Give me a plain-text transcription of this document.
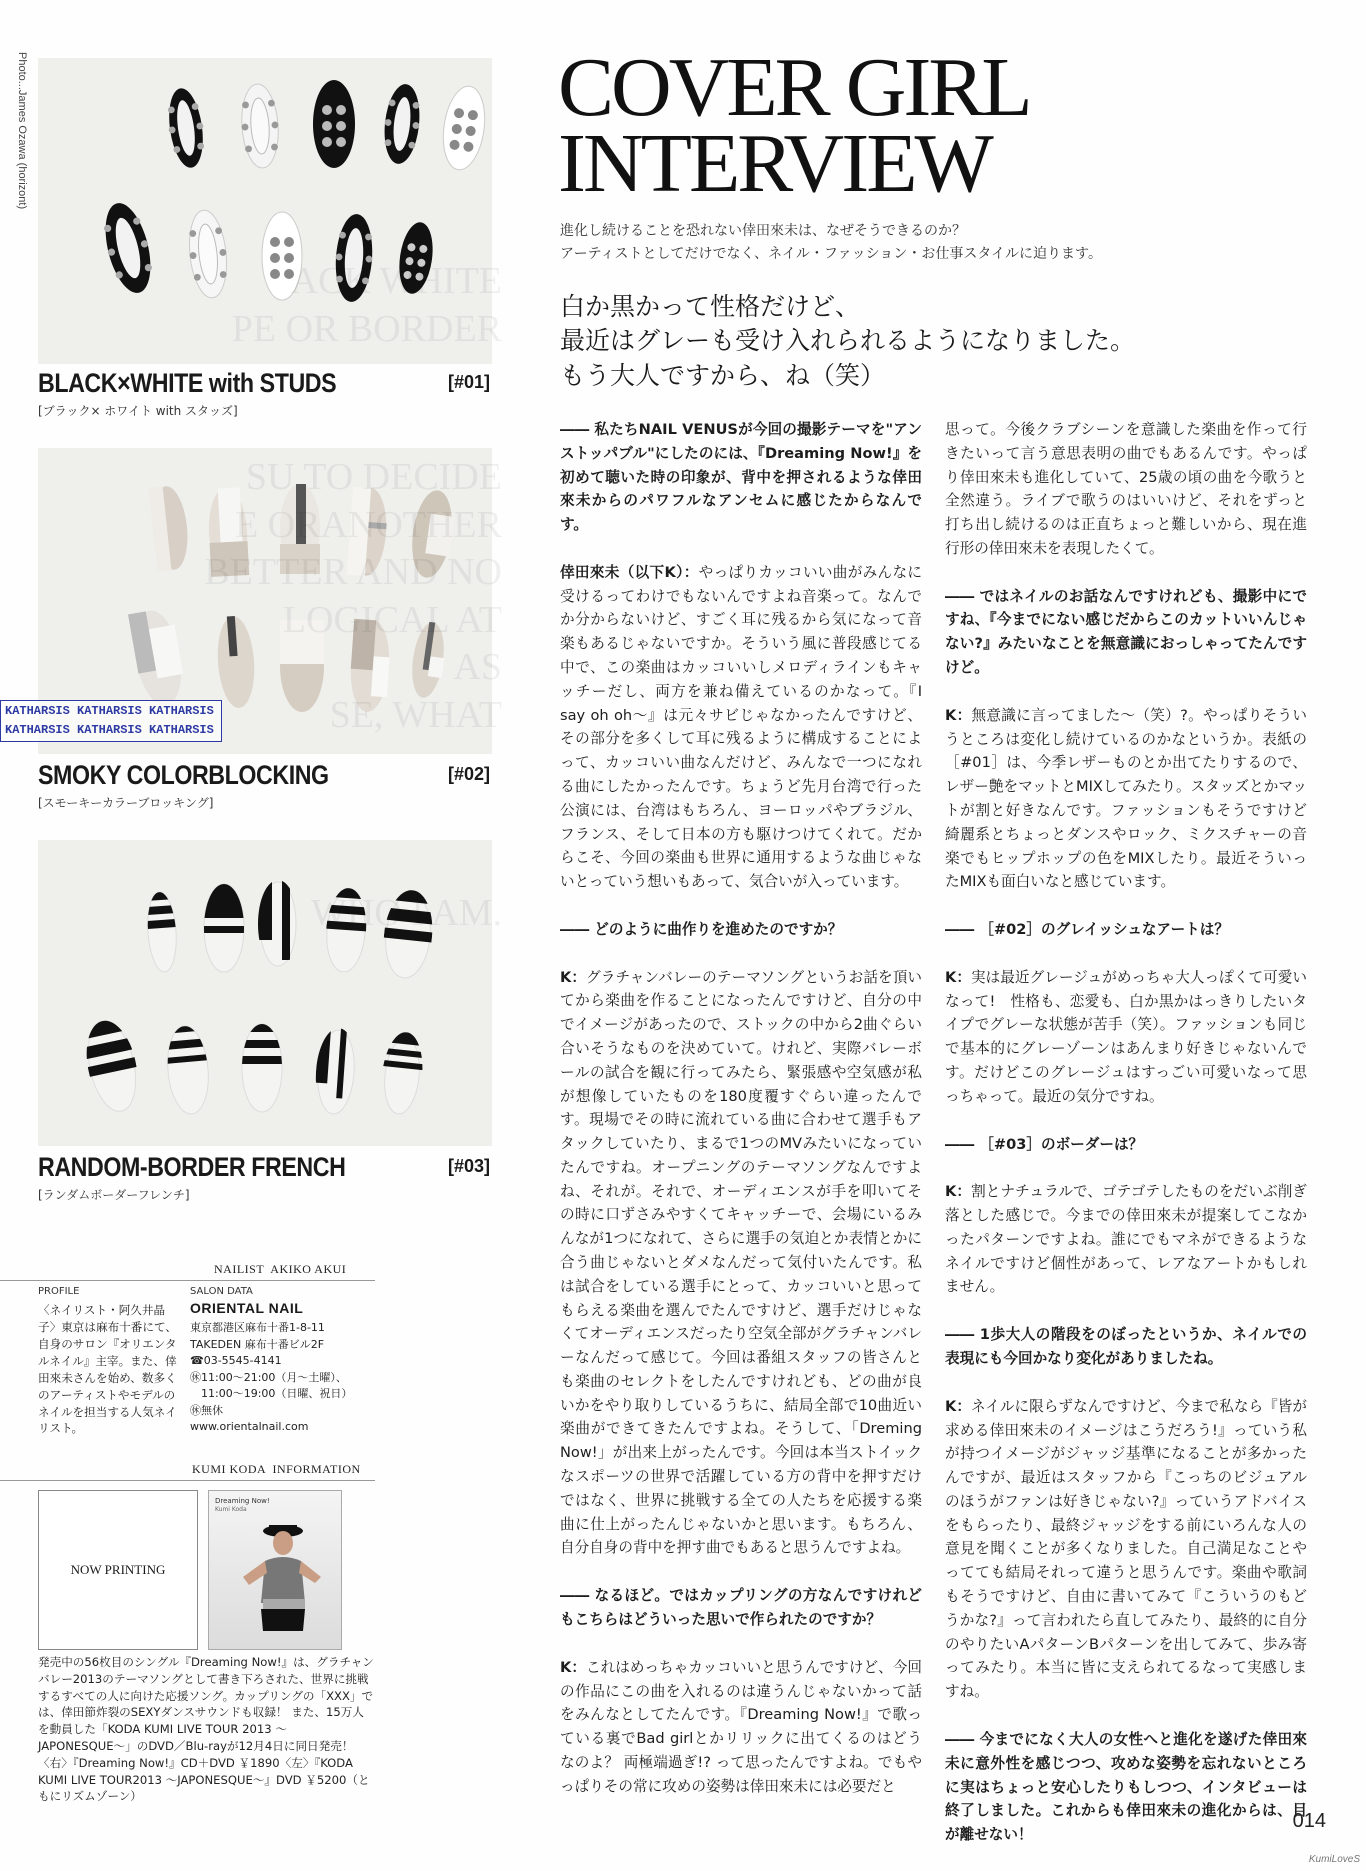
Photo...James Ozawa (horizont)
ACK WHITE
PE OR BORDER
BLACK×WHITE with STUDS	[#01]
[ブラック× ホワイト with スタッズ]
SU TO DECIDE
E ORANOTHER
BETTER AND NO
LOGICAL AT
AS
SE, WHAT
KATHARSIS KATHARSIS KATHARSIS
KATHARSIS KATHARSIS KATHARSIS
SMOKY COLORBLOCKING	[#02]
[スモーキーカラーブロッキング]
WHO I AM.
RANDOM-BORDER FRENCH	[#03]
[ランダムボーダーフレンチ]
NAILIST  AKIKO AKUI
PROFILE
〈ネイリスト・阿久井晶子〉東京は麻布十番にて、自身のサロン『オリエンタルネイル』主宰。また、倖田來未さんを始め、数多くのアーティストやモデルのネイルを担当する人気ネイリスト。
SALON DATA
ORIENTAL NAIL
東京都港区麻布十番1-8-11
TAKEDEN 麻布十番ビル2F
☎03-5545-4141
㊡11:00～21:00（月～土曜）、
　11:00～19:00（日曜、祝日）
㊡無休
www.orientalnail.com
KUMI KODA  INFORMATION
NOW PRINTING
Dreaming Now!
Kumi Koda
発売中の56枚目のシングル『Dreaming Now!』は、グラチャンバレー2013のテーマソングとして書き下ろされた、世界に挑戦するすべての人に向けた応援ソング。カップリングの「XXX」では、倖田節炸裂のSEXYダンスサウンドも収録！ また、15万人を動員した「KODA KUMI LIVE TOUR 2013 〜JAPONESQUE〜」のDVD／Blu-rayが12月4日に同日発売！ 〈右〉『Dreaming Now!』CD＋DVD ￥1890〈左〉『KODA KUMI LIVE TOUR2013 〜JAPONESQUE〜』DVD ￥5200（ともにリズムゾーン）
COVER GIRL
INTERVIEW
進化し続けることを恐れない倖田來未は、なぜそうできるのか？
アーティストとしてだけでなく、ネイル・ファッション・お仕事スタイルに迫ります。
白か黒かって性格だけど、
最近はグレーも受け入れられるようになりました。
もう大人ですから、ね（笑）

―― 私たちNAIL VENUSが今回の撮影テーマを"アンストッパブル"にしたのには、『Dreaming Now!』を初めて聴いた時の印象が、背中を押されるような倖田來未からのパワフルなアンセムに感じたからなんです。

倖田來未（以下K）：やっぱりカッコいい曲がみんなに受けるってわけでもないんですよね音楽って。なんでか分からないけど、すごく耳に残るから気になって音楽もあるじゃないですか。そういう風に普段感じてる中で、この楽曲はカッコいいしメロディラインもキャッチーだし、両方を兼ね備えているのかなって。『I say oh oh〜』は元々サビじゃなかったんですけど、その部分を多くして耳に残るように構成することによって、カッコいい曲なんだけど、みんなで一つになれる曲にしたかったんです。ちょうど先月台湾で行った公演には、台湾はもちろん、ヨーロッパやブラジル、フランス、そして日本の方も駆けつけてくれて。だからこそ、今回の楽曲も世界に通用するような曲じゃないとっていう想いもあって、気合いが入っています。

―― どのように曲作りを進めたのですか？

K：グラチャンバレーのテーマソングというお話を頂いてから楽曲を作ることになったんですけど、自分の中でイメージがあったので、ストックの中から2曲ぐらい合いそうなものを決めていて。けれど、実際バレーボールの試合を観に行ってみたら、緊張感や空気感が私が想像していたものを180度覆すぐらい違ったんです。現場でその時に流れている曲に合わせて選手もアタックしていたり、まるで1つのMVみたいになっていたんですね。オープニングのテーマソングなんですよね、それが。それで、オーディエンスが手を叩いてその時に口ずさみやすくてキャッチーで、会場にいるみんなが1つになれて、さらに選手の気迫とか表情とかに合う曲じゃないとダメなんだって気付いたんです。私は試合をしている選手にとって、カッコいいと思ってもらえる楽曲を選んでたんですけど、選手だけじゃなくてオーディエンスだったり空気全部がグラチャンバレーなんだって感じて。今回は番組スタッフの皆さんとも楽曲のセレクトをしたんですけれども、どの曲が良いかをやり取りしているうちに、結局全部で10曲近い楽曲ができてきたんですよね。そうして、「Dreming Now!」が出来上がったんです。今回は本当ストイックなスポーツの世界で活躍している方の背中を押すだけではなく、世界に挑戦する全ての人たちを応援する楽曲に仕上がったんじゃないかと思います。もちろん、自分自身の背中を押す曲でもあると思うんですよね。

―― なるほど。ではカップリングの方なんですけれどもこちらはどういった思いで作られたのですか？

K：これはめっちゃカッコいいと思うんですけど、今回の作品にこの曲を入れるのは違うんじゃないかって話をみんなとしてたんです。『Dreaming Now!』で歌っている裏でBad girlとかリリックに出てくるのはどうなのよ？ 両極端過ぎ!? って思ったんですよね。でもやっぱりその常に攻めの姿勢は倖田來未には必要だと

思って。今後クラブシーンを意識した楽曲を作って行きたいって言う意思表明の曲でもあるんです。やっぱり倖田來未も進化していて、25歳の頃の曲を今歌うと全然違う。ライブで歌うのはいいけど、それをずっと打ち出し続けるのは正直ちょっと難しいから、現在進行形の倖田來未を表現したくて。

―― ではネイルのお話なんですけれども、撮影中にですね、『今までにない感じだからこのカットいいんじゃない?』みたいなことを無意識におっしゃってたんですけど。

K：無意識に言ってました〜（笑）?。やっぱりそういうところは変化し続けているのかなというか。表紙の［#01］は、今季レザーものとか出てたりするので、レザー艶をマットとMIXしてみたり。スタッズとかマットが割と好きなんです。ファッションもそうですけど綺麗系とちょっとダンスやロック、ミクスチャーの音楽でもヒップホップの色をMIXしたり。最近そういったMIXも面白いなと感じています。

―― ［#02］のグレイッシュなアートは？

K：実は最近グレージュがめっちゃ大人っぽくて可愛いなって!　性格も、恋愛も、白か黒かはっきりしたいタイプでグレーな状態が苦手（笑）。ファッションも同じで基本的にグレーゾーンはあんまり好きじゃないんです。だけどこのグレージュはすっごい可愛いなって思っちゃって。最近の気分ですね。

―― ［#03］のボーダーは？

K：割とナチュラルで、ゴテゴテしたものをだいぶ削ぎ落とした感じで。今までの倖田來未が提案してこなかったパターンですよね。誰にでもマネができるようなネイルですけど個性があって、レアなアートかもしれません。

―― 1歩大人の階段をのぼったというか、ネイルでの表現にも今回かなり変化がありましたね。

K：ネイルに限らずなんですけど、今まで私なら『皆が求める倖田來未のイメージはこうだろう!』っていう私が持つイメージがジャッジ基準になることが多かったんですが、最近はスタッフから『こっちのビジュアルのほうがファンは好きじゃない?』っていうアドバイスをもらったり、最終ジャッジをする前にいろんな人の意見を聞くことが多くなりました。自己満足なことやってても結局それって違うと思うんです。楽曲や歌詞もそうですけど、自由に書いてみて『こういうのもどうかな?』って言われたら直してみたり、最終的に自分のやりたいAパターンBパターンを出してみて、歩み寄ってみたり。本当に皆に支えられてるなって実感しますね。

―― 今までになく大人の女性へと進化を遂げた倖田來未に意外性を感じつつ、攻めな姿勢を忘れないところに実はちょっと安心したりもしつつ、インタビューは終了しました。これからも倖田來未の進化からは、目が離せない！

014
KumiLoveS
